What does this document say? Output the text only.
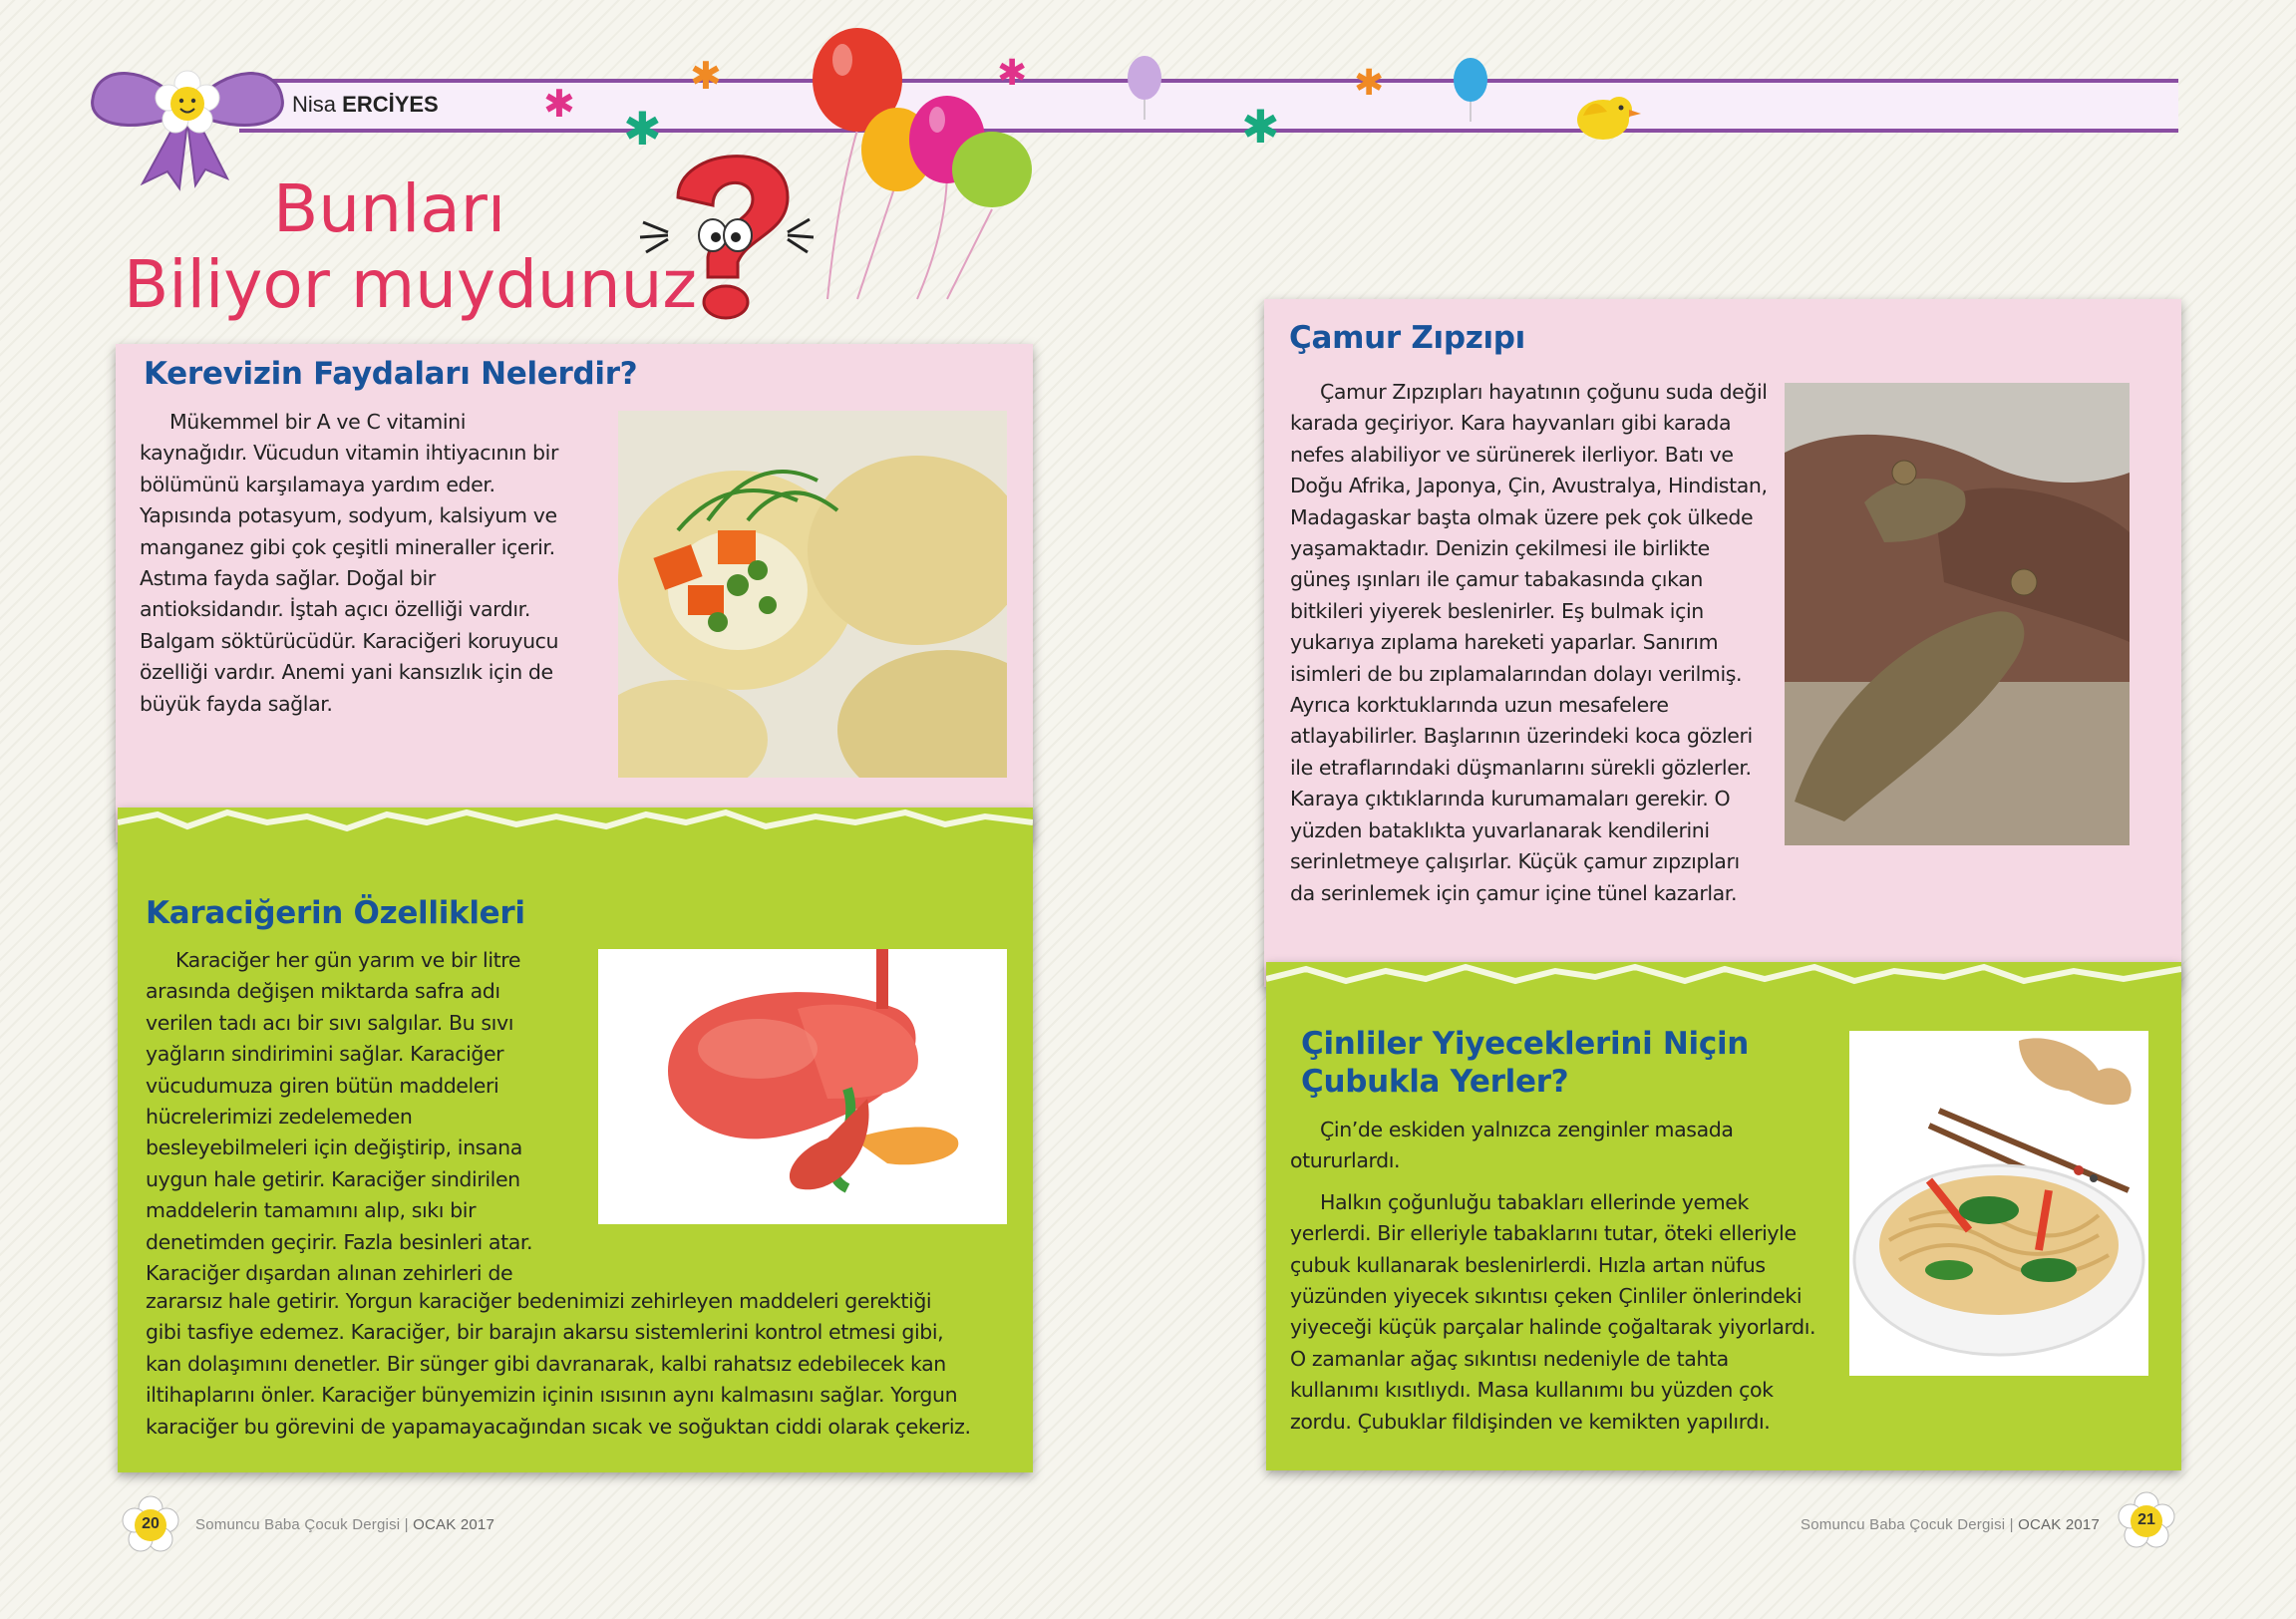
Nisa ERCİYES	✱ ✱
✱	✱
✱
✱
Bunları
Biliyor muydunuz
Kerevizin Faydaları Nelerdir?

Mükemmel bir A ve C vitamini kaynağıdır. Vücudun vitamin ihtiyacının bir bölümünü karşılamaya yardım eder. Yapısında potasyum, sodyum, kalsiyum ve manganez gibi çok çeşitli mineraller içerir. Astıma fayda sağlar. Doğal bir antioksidandır. İştah açıcı özelliği vardır. Balgam söktürücüdür. Karaciğeri koruyucu özelliği vardır. Anemi yani kansızlık için de büyük fayda sağlar.

Karaciğerin Özellikleri

Karaciğer her gün yarım ve bir litre arasında değişen miktarda safra adı verilen tadı acı bir sıvı salgılar. Bu sıvı yağların sindirimini sağlar. Karaciğer vücudumuza giren bütün maddeleri hücrelerimizi zedelemeden besleyebilmeleri için değiştirip, insana uygun hale getirir. Karaciğer sindirilen maddelerin tamamını alıp, sıkı bir denetimden geçirir. Fazla besinleri atar. Karaciğer dışardan alınan zehirleri de

zararsız hale getirir. Yorgun karaciğer bedenimizi zehirleyen maddeleri gerektiği gibi tasfiye edemez. Karaciğer, bir barajın akarsu sistemlerini kontrol etmesi gibi, kan dolaşımını denetler. Bir sünger gibi davranarak, kalbi rahatsız edebilecek kan iltihaplarını önler. Karaciğer bünyemizin içinin ısısının aynı kalmasını sağlar. Yorgun karaciğer bu görevini de yapamayacağından sıcak ve soğuktan ciddi olarak çekeriz.

Çamur Zıpzıpı

Çamur Zıpzıpları hayatının çoğunu suda değil karada geçiriyor. Kara hayvanları gibi karada nefes alabiliyor ve sürünerek ilerliyor. Batı ve Doğu Afrika, Japonya, Çin, Avustralya, Hindistan, Madagaskar başta olmak üzere pek çok ülkede yaşamaktadır. Denizin çekilmesi ile birlikte güneş ışınları ile çamur tabakasında çıkan bitkileri yiyerek beslenirler. Eş bulmak için yukarıya zıplama hareketi yaparlar. Sanırım isimleri de bu zıplamalarından dolayı verilmiş. Ayrıca korktuklarında uzun mesafelere atlayabilirler. Başlarının üzerindeki koca gözleri ile etraflarındaki düşmanlarını sürekli gözlerler. Karaya çıktıklarında kurumamaları gerekir. O yüzden bataklıkta yuvarlanarak kendilerini serinletmeye çalışırlar. Küçük çamur zıpzıpları da serinlemek için çamur içine tünel kazarlar.

Çinliler Yiyeceklerini Niçin
Çubukla Yerler?

Çin’de eskiden yalnızca zenginler masada otururlardı.

Halkın çoğunluğu tabakları ellerinde yemek yerlerdi. Bir elleriyle tabaklarını tutar, öteki elleriyle çubuk kullanarak beslenirlerdi. Hızla artan nüfus yüzünden yiyecek sıkıntısı çeken Çinliler önlerindeki yiyeceği küçük parçalar halinde çoğaltarak yiyorlardı. O zamanlar ağaç sıkıntısı nedeniyle de tahta kullanımı kısıtlıydı. Masa kullanımı bu yüzden çok zordu. Çubuklar fildişinden ve kemikten yapılırdı.

20	Somuncu Baba Çocuk Dergisi | OCAK 2017	Somuncu Baba Çocuk Dergisi | OCAK 2017	21
